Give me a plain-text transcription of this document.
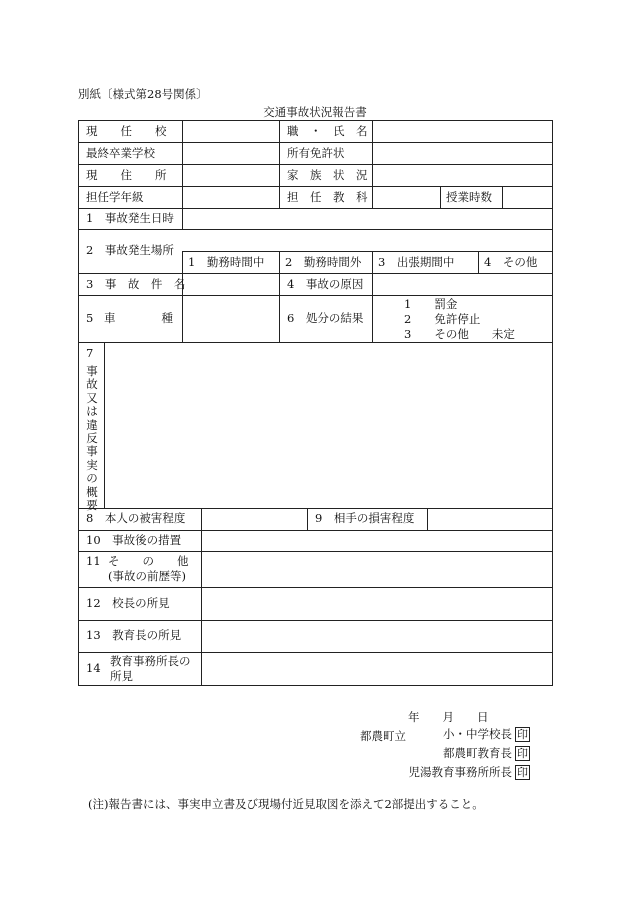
別紙〔様式第28号関係〕
交通事故状況報告書
現　　任　　校	職　・　氏　名
最終卒業学校	所有免許状
現　　住　　所	家　族　状　況
担任学年級	担　任　教　科	授業時数
1　事故発生日時
2　事故発生場所
1　勤務時間中 2　勤務時間外 3　出張期間中	4　その他
3　事　故　件　名	4　事故の原因
5 車　　　　種	6　処分の結果
1　　罰金
2　　免許停止
3　　その他　　未定
7
事故又は違反事実の概要
8　本人の被害程度	9　相手の損害程度
10　事故後の措置
11 そ　　の　　他
(事故の前歴等)
12　校長の所見
13　教育長の所見
14 教育事務所長の
所見
年　　月　　日
都農町立	小・中学校長 印
都農町教育長 印
児湯教育事務所所長 印
(注)報告書には、事実申立書及び現場付近見取図を添えて2部提出すること。
